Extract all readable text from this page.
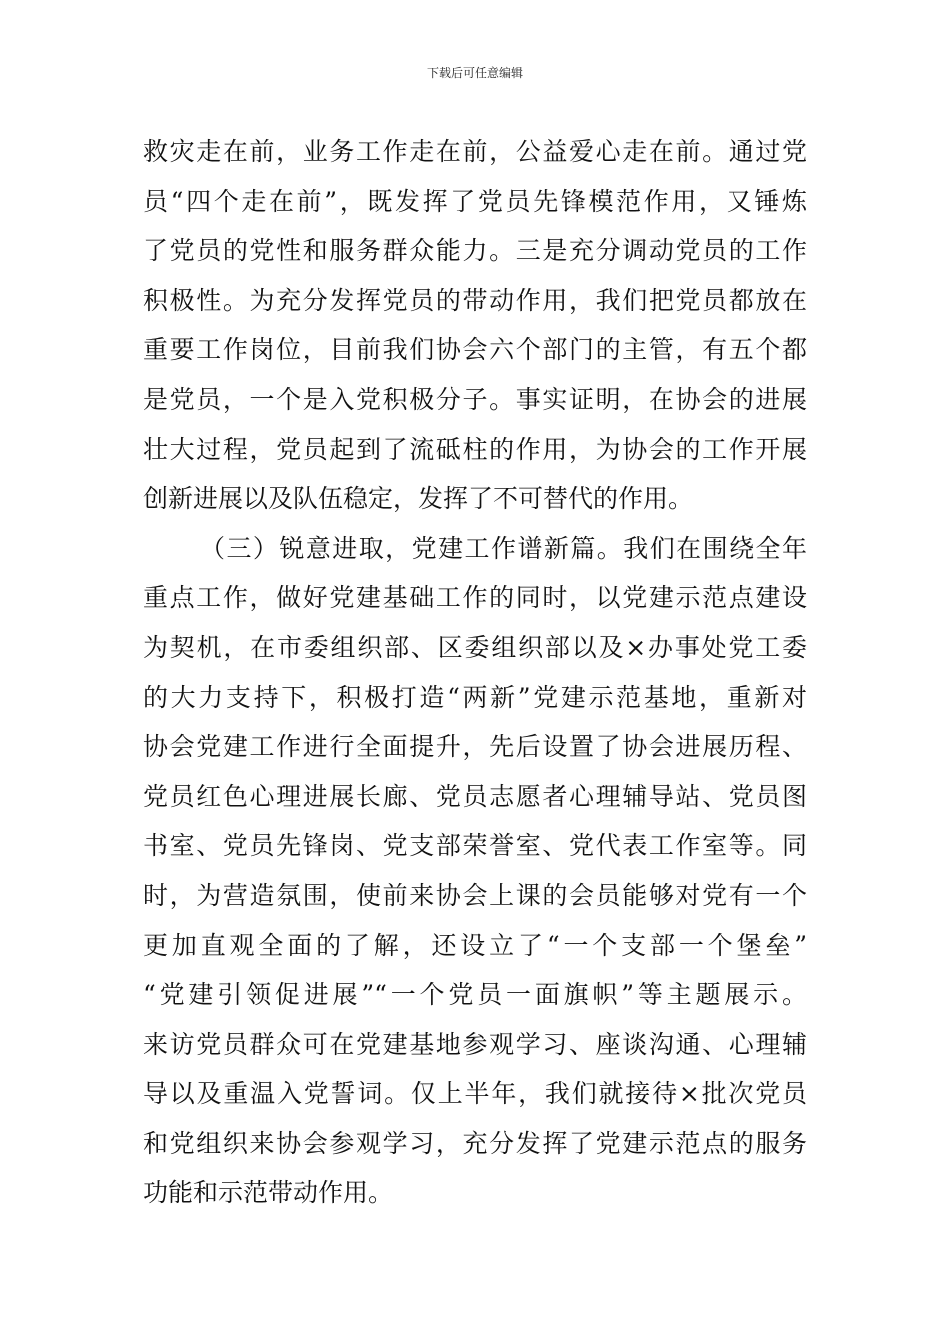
下载后可任意编辑
救灾走在前，业务工作走在前，公益爱心走在前。通过党
员“四个走在前”，既发挥了党员先锋模范作用，又锤炼
了党员的党性和服务群众能力。三是充分调动党员的工作
积极性。为充分发挥党员的带动作用，我们把党员都放在
重要工作岗位，目前我们协会六个部门的主管，有五个都
是党员，一个是入党积极分子。事实证明，在协会的进展
壮大过程，党员起到了流砥柱的作用，为协会的工作开展
创新进展以及队伍稳定，发挥了不可替代的作用。
（三）锐意进取，党建工作谱新篇。我们在围绕全年
重点工作，做好党建基础工作的同时，以党建示范点建设
为契机，在市委组织部、区委组织部以及×办事处党工委
的大力支持下，积极打造“两新”党建示范基地，重新对
协会党建工作进行全面提升，先后设置了协会进展历程、
党员红色心理进展长廊、党员志愿者心理辅导站、党员图
书室、党员先锋岗、党支部荣誉室、党代表工作室等。同
时，为营造氛围，使前来协会上课的会员能够对党有一个
更加直观全面的了解，还设立了“一个支部一个堡垒”
“党建引领促进展”“一个党员一面旗帜”等主题展示。
来访党员群众可在党建基地参观学习、座谈沟通、心理辅
导以及重温入党誓词。仅上半年，我们就接待×批次党员
和党组织来协会参观学习，充分发挥了党建示范点的服务
功能和示范带动作用。
